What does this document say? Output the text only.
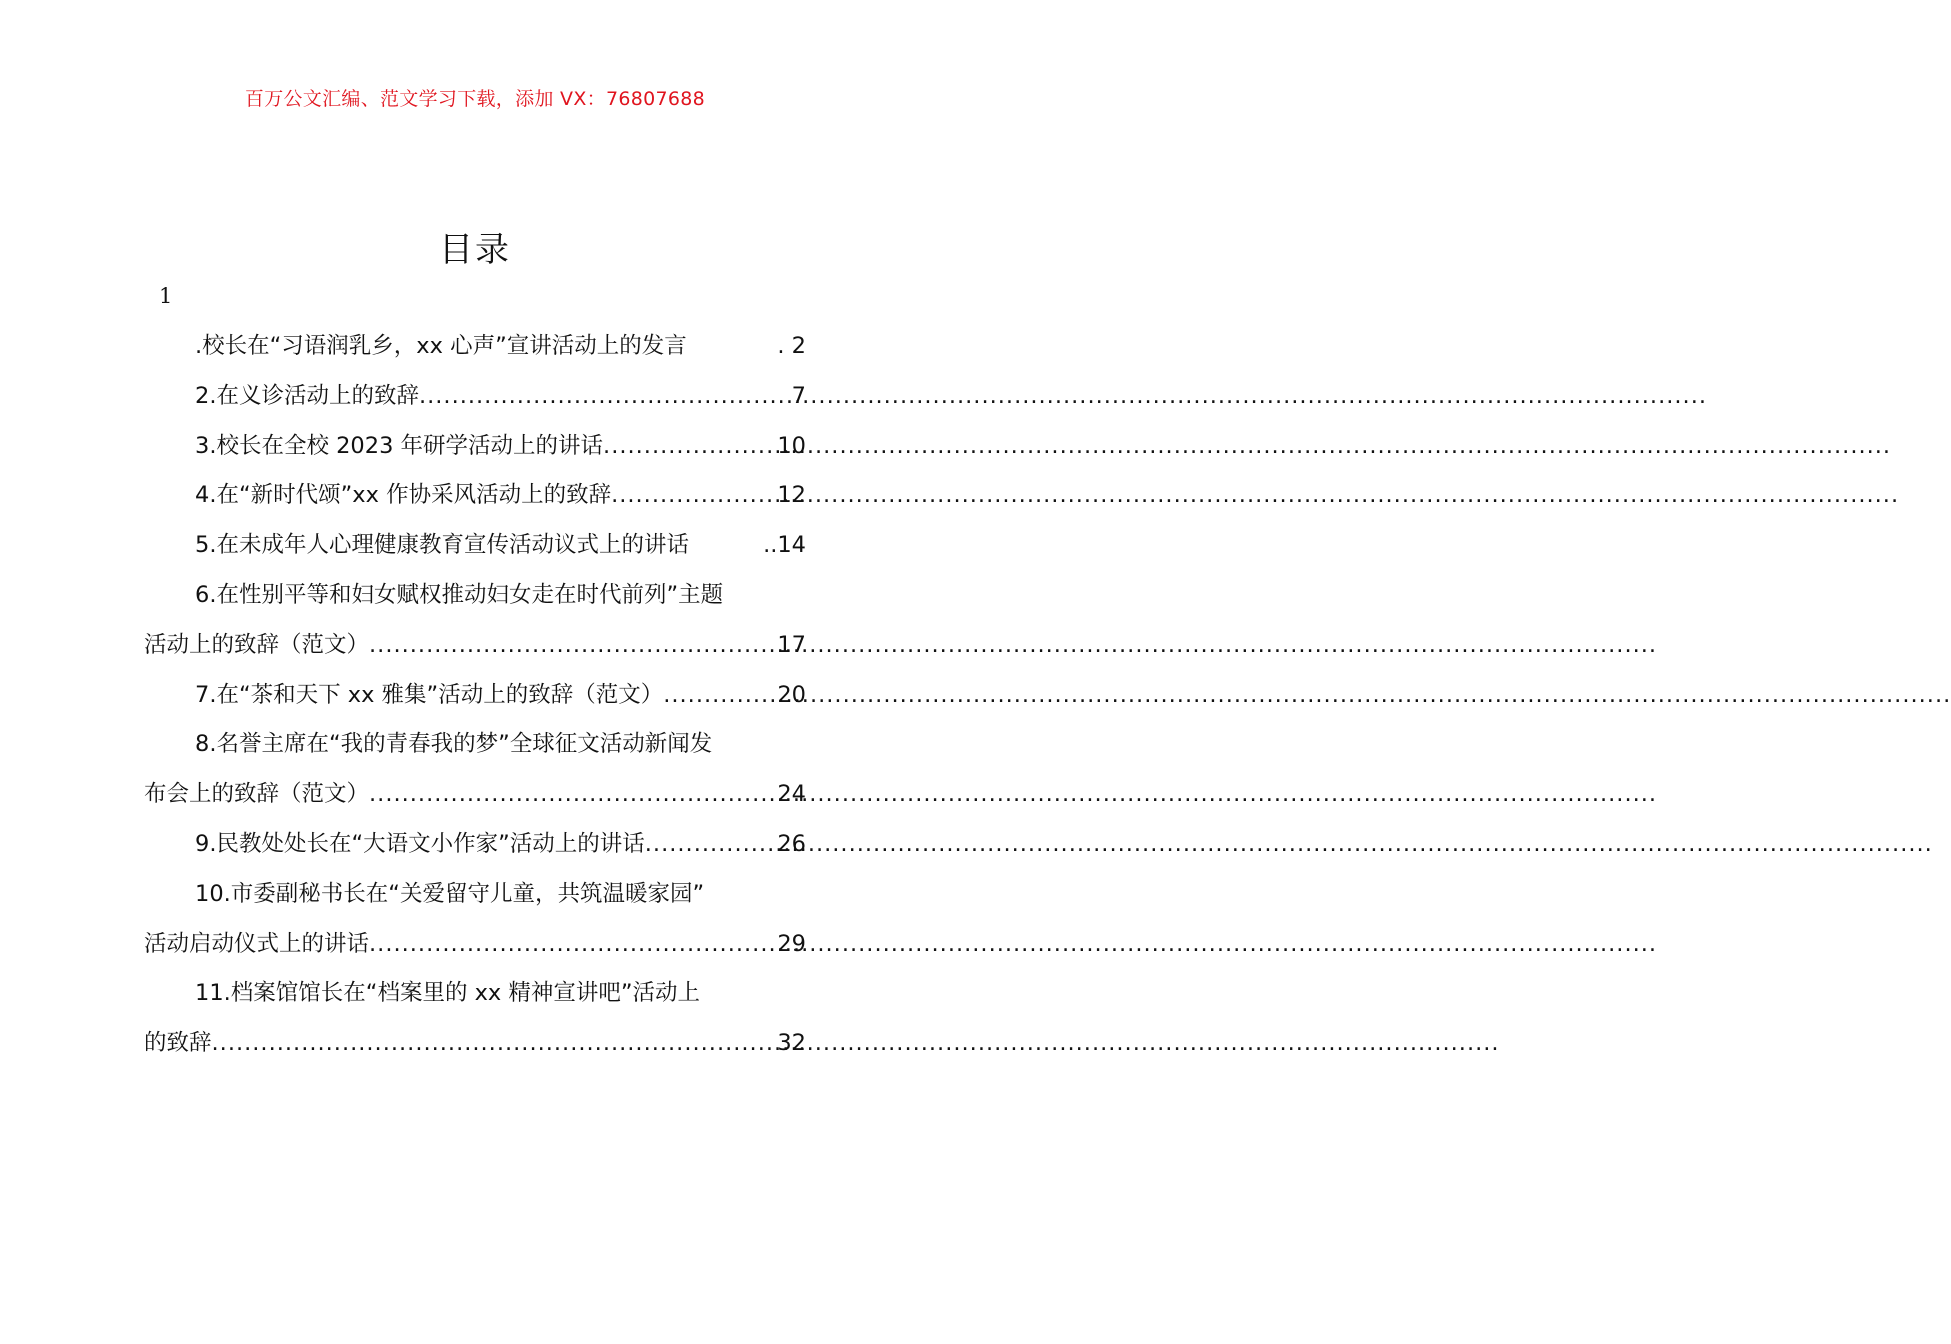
百万公文汇编、范文学习下载，添加 VX：76807688
目录
1
.校长在“习语润乳乡，xx 心声”宣讲活动上的发言	. 2
2.在义诊活动上的致辞 .....	7
3.校长在全校 2023 年研学活动上的讲话 .....	10
4.在“新时代颂”xx 作协采风活动上的致辞 .....	12
5.在未成年人心理健康教育宣传活动议式上的讲话	..14
6.在性别平等和妇女赋权推动妇女走在时代前列”主题
活动上的致辞（范文） .....	17
7.在“茶和天下 xx 雅集”活动上的致辞（范文） .....	20
8.名誉主席在“我的青春我的梦”全球征文活动新闻发
布会上的致辞（范文） .....	24
9.民教处处长在“大语文小作家”活动上的讲话 .....	26
10.市委副秘书长在“关爱留守儿童，共筑温暖家园”
活动启动仪式上的讲话 .....	29
11.档案馆馆长在“档案里的 xx 精神宣讲吧”活动上
的致辞 .....	32
